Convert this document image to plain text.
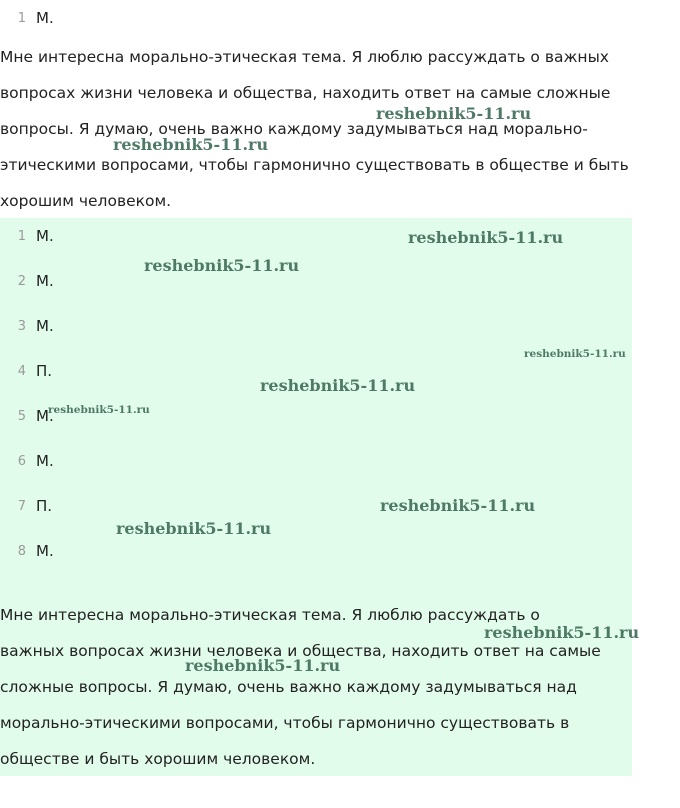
1 М.
Мне интересна морально-этическая тема. Я люблю рассуждать о важных
вопросах жизни человека и общества, находить ответ на самые сложные
вопросы. Я думаю, очень важно каждому задумываться над морально-
этическими вопросами, чтобы гармонично существовать в обществе и быть
хорошим человеком.
1 М.
2 М.
3 М.
4 П.
5 М.
6 М.
7 П.
8 М.
Мне интересна морально-этическая тема. Я люблю рассуждать о
важных вопросах жизни человека и общества, находить ответ на самые
сложные вопросы. Я думаю, очень важно каждому задумываться над
морально-этическими вопросами, чтобы гармонично существовать в
обществе и быть хорошим человеком.
reshebnik5-11.ru
reshebnik5-11.ru
reshebnik5-11.ru
reshebnik5-11.ru
reshebnik5-11.ru
reshebnik5-11.ru
reshebnik5-11.ru
reshebnik5-11.ru
reshebnik5-11.ru
reshebnik5-11.ru
reshebnik5-11.ru
